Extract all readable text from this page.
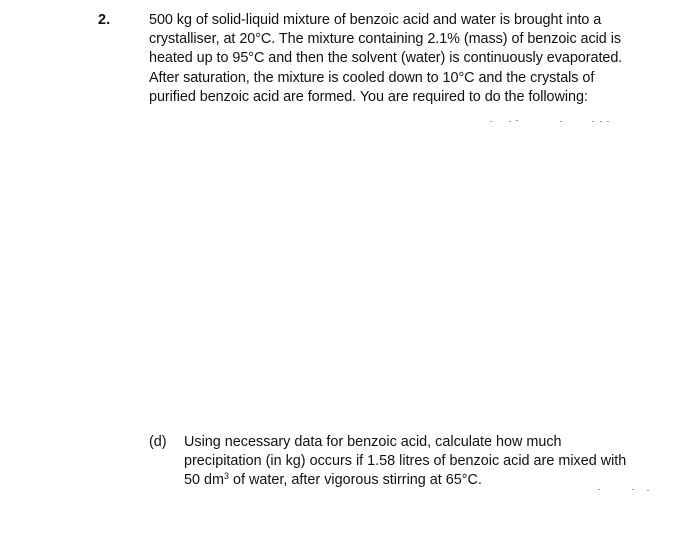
2.	500 kg of solid-liquid mixture of benzoic acid and water is brought into a
crystalliser, at 20°C. The mixture containing 2.1% (mass) of benzoic acid is
heated up to 95°C and then the solvent (water) is continuously evaporated.
After saturation, the mixture is cooled down to 10°C and the crystals of
purified benzoic acid are formed. You are required to do the following:
(d) Using necessary data for benzoic acid, calculate how much
precipitation (in kg) occurs if 1.58 litres of benzoic acid are mixed with
50 $dm^3$ of water, after vigorous stirring at 65°C.
